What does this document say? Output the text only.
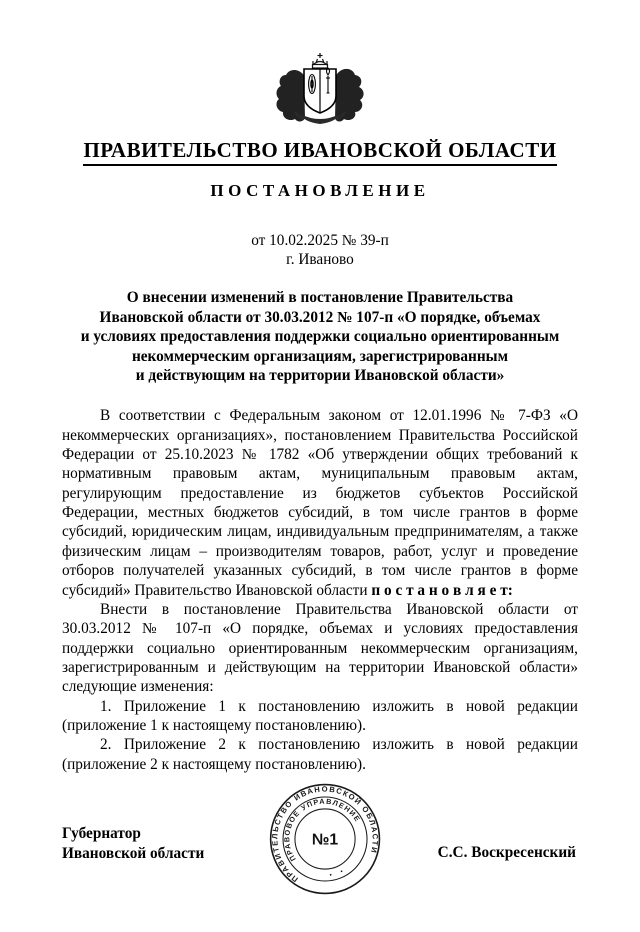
ПРАВИТЕЛЬСТВО ИВАНОВСКОЙ ОБЛАСТИ
ПОСТАНОВЛЕНИЕ
от 10.02.2025 № 39-п
г. Иваново
О внесении изменений в постановление Правительства
Ивановской области от 30.03.2012 № 107-п «О порядке, объемах
и условиях предоставления поддержки социально ориентированным
некоммерческим организациям, зарегистрированным
и действующим на территории Ивановской области»

В соответствии с Федеральным законом от 12.01.1996 № 7-ФЗ «О некоммерческих организациях», постановлением Правительства Российской Федерации от 25.10.2023 № 1782 «Об утверждении общих требований к нормативным правовым актам, муниципальным правовым актам, регулирующим предоставление из бюджетов субъектов Российской Федерации, местных бюджетов субсидий, в том числе грантов в форме субсидий, юридическим лицам, индивидуальным предпринимателям, а также физическим лицам – производителям товаров, работ, услуг и проведение отборов получателей указанных субсидий, в том числе грантов в форме субсидий» Правительство Ивановской области п о с т а н о в л я е т:

Внести в постановление Правительства Ивановской области от 30.03.2012 № 107-п «О порядке, объемах и условиях предоставления поддержки социально ориентированным некоммерческим организациям, зарегистрированным и действующим на территории Ивановской области» следующие изменения:

1. Приложение 1 к постановлению изложить в новой редакции (приложение 1 к настоящему постановлению).

2. Приложение 2 к постановлению изложить в новой редакции (приложение 2 к настоящему постановлению).

Губернатор
Ивановской области
ПРАВИТЕЛЬСТВО ИВАНОВСКОЙ ОБЛАСТИ
ПРАВОВОЕ УПРАВЛЕНИЕ
№1
С.С. Воскресенский
